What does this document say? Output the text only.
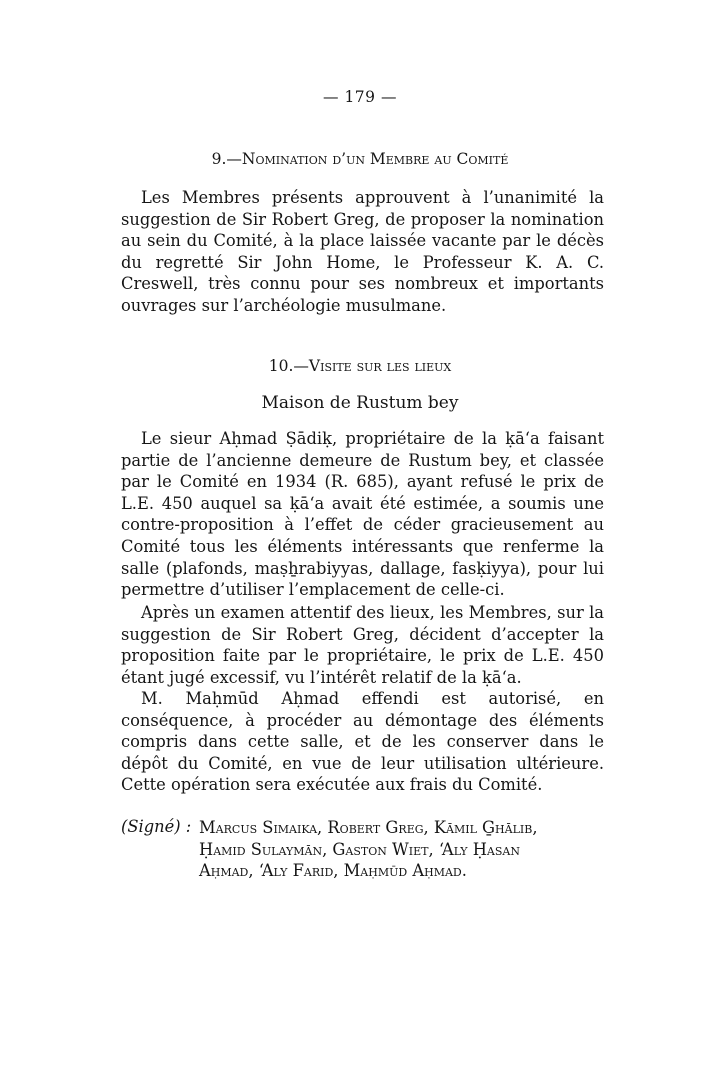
— 179 —
9.—Nomination d’un Membre au Comité

Les Membres présents approuvent à l’unanimité la suggestion de Sir Robert Greg, de proposer la nomination au sein du Comité, à la place laissée vacante par le décès du regretté Sir John Home, le Professeur K. A. C. Creswell, très connu pour ses nombreux et importants ouvrages sur l’archéologie musulmane.

10.—Visite sur les lieux
Maison de Rustum bey

Le sieur Aḥmad Ṣādiḳ, propriétaire de la ḳā‘a faisant partie de l’ancienne demeure de Rustum bey, et classée par le Comité en 1934 (R. 685), ayant refusé le prix de L.E. 450 auquel sa ḳā‘a avait été estimée, a soumis une contre-proposition à l’effet de céder gracieusement au Comité tous les éléments intéressants que renferme la salle (plafonds, maṣẖrabiyyas, dallage, fasḳiyya), pour lui permettre d’utiliser l’emplacement de celle-ci.

Après un examen attentif des lieux, les Membres, sur la suggestion de Sir Robert Greg, décident d’accepter la proposition faite par le propriétaire, le prix de L.E. 450 étant jugé excessif, vu l’intérêt relatif de la ḳā‘a.

M. Maḥmūd Aḥmad effendi est autorisé, en conséquence, à procéder au démontage des éléments compris dans cette salle, et de les conserver dans le dépôt du Comité, en vue de leur utilisation ultérieure. Cette opération sera exécutée aux frais du Comité.

(Signé) : Marcus Simaika, Robert Greg, Kāmil G̱hālib,
Ḥamid Sulaymān, Gaston Wiet, ‘Aly Ḥasan
Aḥmad, ‘Aly Farid, Maḥmūd Aḥmad.
